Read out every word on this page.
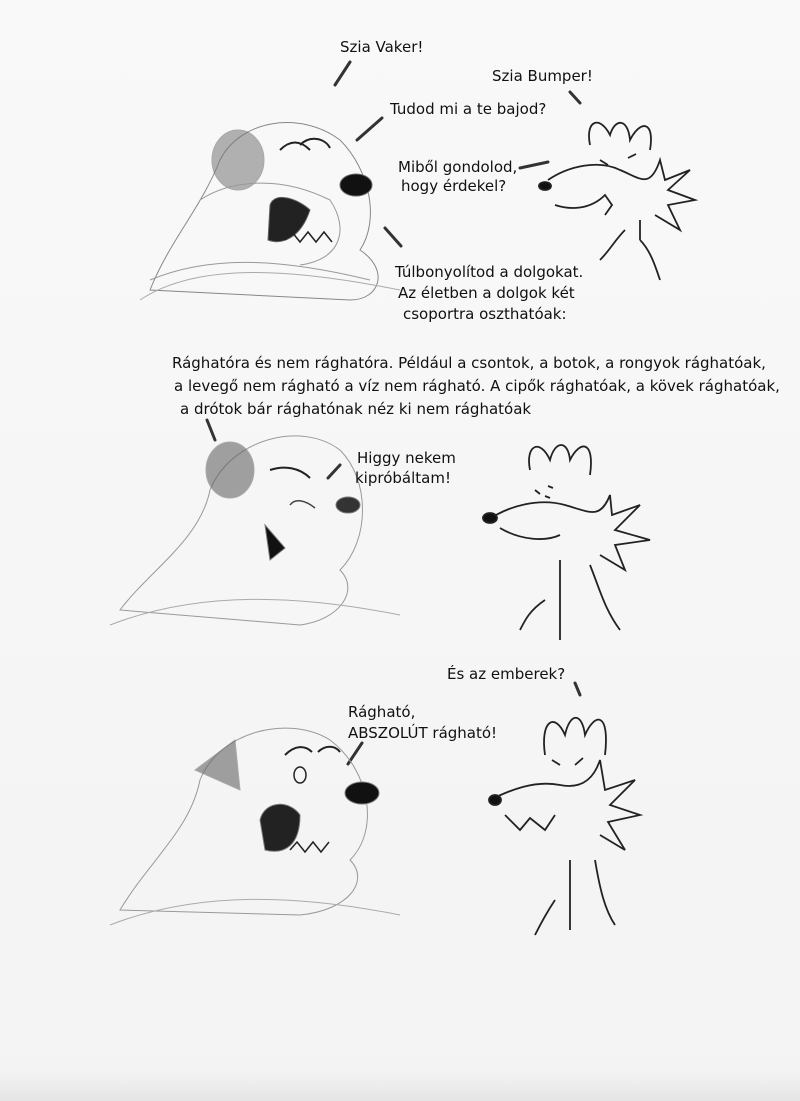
Szia Vaker!
Szia Bumper!
Tudod mi a te bajod?
Miből gondolod,
hogy érdekel?
Túlbonyolítod a dolgokat.
Az életben a dolgok két
csoportra oszthatóak:
Rághatóra és nem rághatóra. Például a csontok, a botok, a rongyok rághatóak,
a levegő nem rágható a víz nem rágható. A cipők rághatóak, a kövek rághatóak,
a drótok bár rághatónak néz ki nem rághatóak
Higgy nekem
kipróbáltam!
És az emberek?
Rágható,
ABSZOLÚT rágható!
